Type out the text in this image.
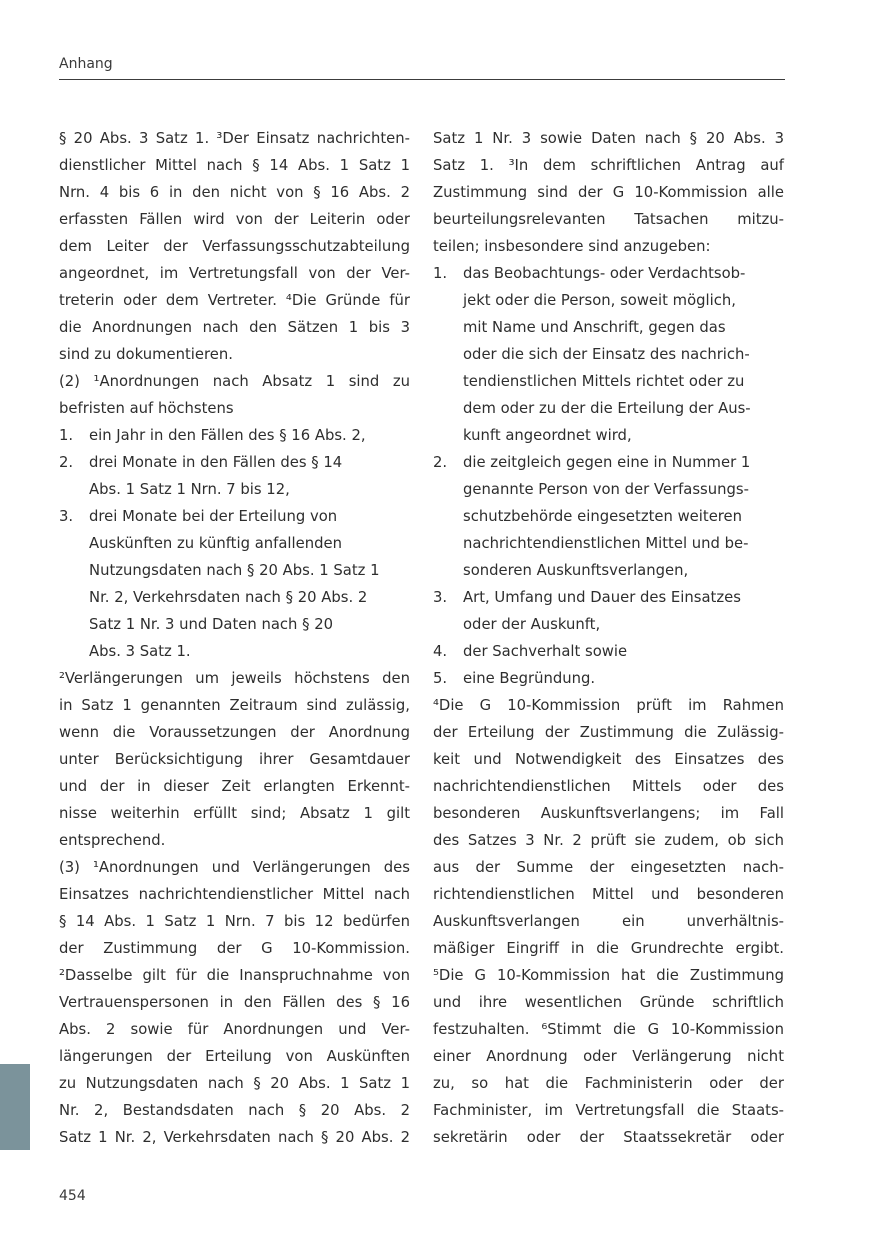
Anhang
§ 20 Abs. 3 Satz 1. ³Der Einsatz nachrichten-
dienstlicher Mittel nach § 14 Abs. 1 Satz 1
Nrn. 4 bis 6 in den nicht von § 16 Abs. 2
erfassten Fällen wird von der Leiterin oder
dem Leiter der Verfassungsschutzabteilung
angeordnet, im Vertretungsfall von der Ver-
treterin oder dem Vertreter. ⁴Die Gründe für
die Anordnungen nach den Sätzen 1 bis 3
sind zu dokumentieren.
(2) ¹Anordnungen nach Absatz 1 sind zu
befristen auf höchstens
1. ein Jahr in den Fällen des § 16 Abs. 2,
2. drei Monate in den Fällen des § 14
Abs. 1 Satz 1 Nrn. 7 bis 12,
3. drei Monate bei der Erteilung von
Auskünften zu künftig anfallenden
Nutzungsdaten nach § 20 Abs. 1 Satz 1
Nr. 2, Verkehrsdaten nach § 20 Abs. 2
Satz 1 Nr. 3 und Daten nach § 20
Abs. 3 Satz 1.
²Verlängerungen um jeweils höchstens den
in Satz 1 genannten Zeitraum sind zulässig,
wenn die Voraussetzungen der Anordnung
unter Berücksichtigung ihrer Gesamtdauer
und der in dieser Zeit erlangten Erkennt-
nisse weiterhin erfüllt sind; Absatz 1 gilt
entsprechend.
(3) ¹Anordnungen und Verlängerungen des
Einsatzes nachrichtendienstlicher Mittel nach
§ 14 Abs. 1 Satz 1 Nrn. 7 bis 12 bedürfen
der Zustimmung der G 10-Kommission.
²Dasselbe gilt für die Inanspruchnahme von
Vertrauenspersonen in den Fällen des § 16
Abs. 2 sowie für Anordnungen und Ver-
längerungen der Erteilung von Auskünften
zu Nutzungsdaten nach § 20 Abs. 1 Satz 1
Nr. 2, Bestandsdaten nach § 20 Abs. 2
Satz 1 Nr. 2, Verkehrsdaten nach § 20 Abs. 2
Satz 1 Nr. 3 sowie Daten nach § 20 Abs. 3
Satz 1. ³In dem schriftlichen Antrag auf
Zustimmung sind der G 10-Kommission alle
beurteilungsrelevanten Tatsachen mitzu-
teilen; insbesondere sind anzugeben:
1. das Beobachtungs- oder Verdachtsob-
jekt oder die Person, soweit möglich,
mit Name und Anschrift, gegen das
oder die sich der Einsatz des nachrich-
tendienstlichen Mittels richtet oder zu
dem oder zu der die Erteilung der Aus-
kunft angeordnet wird,
2. die zeitgleich gegen eine in Nummer 1
genannte Person von der Verfassungs-
schutzbehörde eingesetzten weiteren
nachrichtendienstlichen Mittel und be-
sonderen Auskunftsverlangen,
3. Art, Umfang und Dauer des Einsatzes
oder der Auskunft,
4. der Sachverhalt sowie
5. eine Begründung.
⁴Die G 10-Kommission prüft im Rahmen
der Erteilung der Zustimmung die Zulässig-
keit und Notwendigkeit des Einsatzes des
nachrichtendienstlichen Mittels oder des
besonderen Auskunftsverlangens; im Fall
des Satzes 3 Nr. 2 prüft sie zudem, ob sich
aus der Summe der eingesetzten nach-
richtendienstlichen Mittel und besonderen
Auskunftsverlangen ein unverhältnis-
mäßiger Eingriff in die Grundrechte ergibt.
⁵Die G 10-Kommission hat die Zustimmung
und ihre wesentlichen Gründe schriftlich
festzuhalten. ⁶Stimmt die G 10-Kommission
einer Anordnung oder Verlängerung nicht
zu, so hat die Fachministerin oder der
Fachminister, im Vertretungsfall die Staats-
sekretärin oder der Staatssekretär oder
454
